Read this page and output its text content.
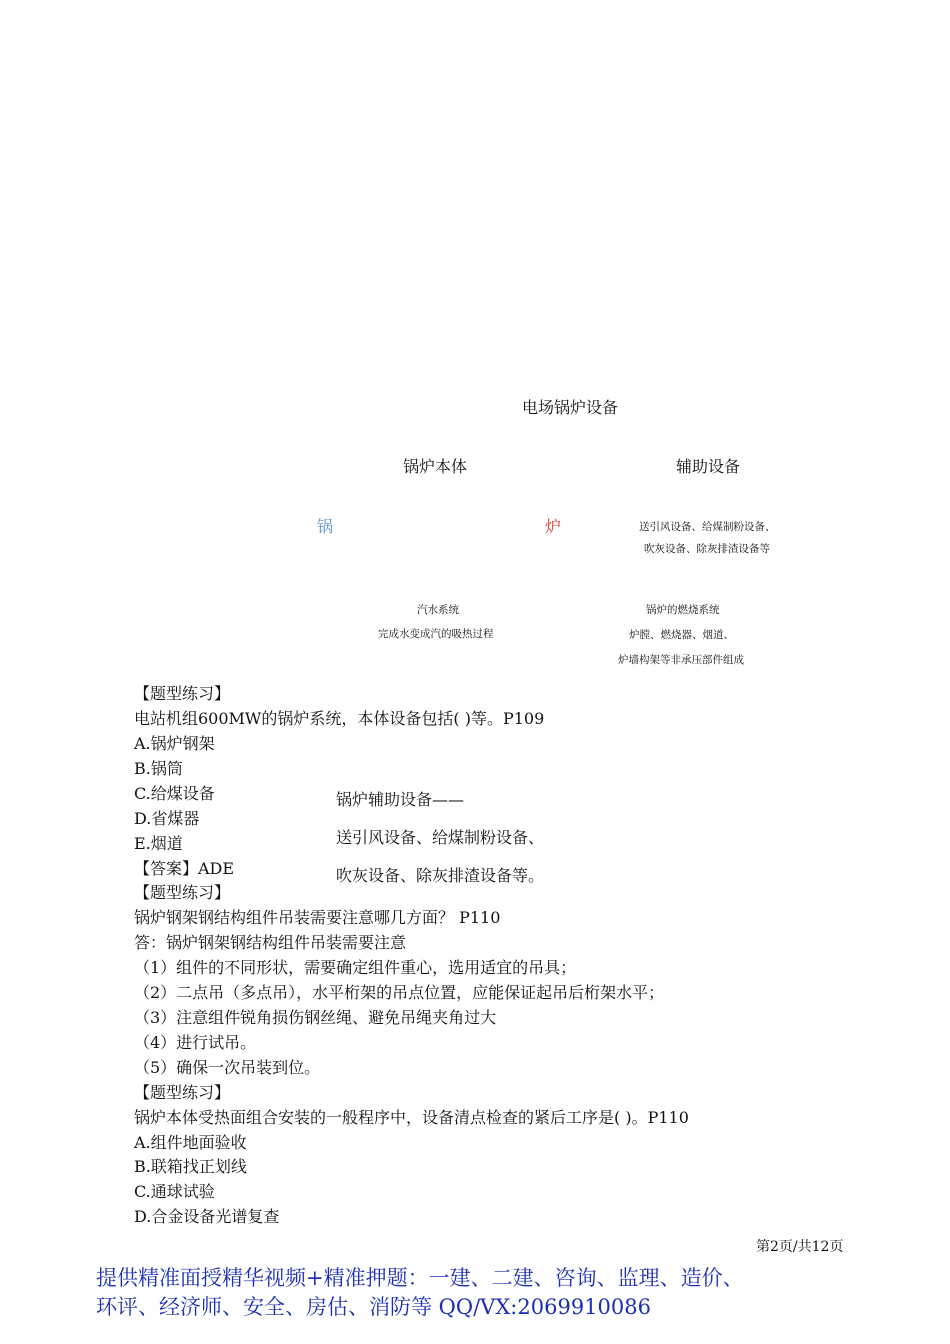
电场锅炉设备
锅炉本体	辅助设备
锅	炉	送引风设备、给煤制粉设备、
吹灰设备、除灰排渣设备等
汽水系统
完成水变成汽的吸热过程
锅炉的燃烧系统
炉膛、燃烧器、烟道、
炉墙构架等非承压部件组成
【题型练习】
电站机组600MW的锅炉系统，本体设备包括( )等。P109
A.锅炉钢架
B.锅筒
C.给煤设备
D.省煤器
E.烟道
【答案】ADE
锅炉辅助设备——
送引风设备、给煤制粉设备、
吹灰设备、除灰排渣设备等。
【题型练习】
锅炉钢架钢结构组件吊装需要注意哪几方面？ P110
答：锅炉钢架钢结构组件吊装需要注意
（1）组件的不同形状，需要确定组件重心，选用适宜的吊具；
（2）二点吊（多点吊），水平桁架的吊点位置，应能保证起吊后桁架水平；
（3）注意组件锐角损伤钢丝绳、避免吊绳夹角过大
（4）进行试吊。
（5）确保一次吊装到位。
【题型练习】
锅炉本体受热面组合安装的一般程序中，设备清点检查的紧后工序是( )。P110
A.组件地面验收
B.联箱找正划线
C.通球试验
D.合金设备光谱复查
第2页/共12页
提供精准面授精华视频+精准押题：一建、二建、咨询、监理、造价、
环评、经济师、安全、房估、消防等 QQ/VX:2069910086
